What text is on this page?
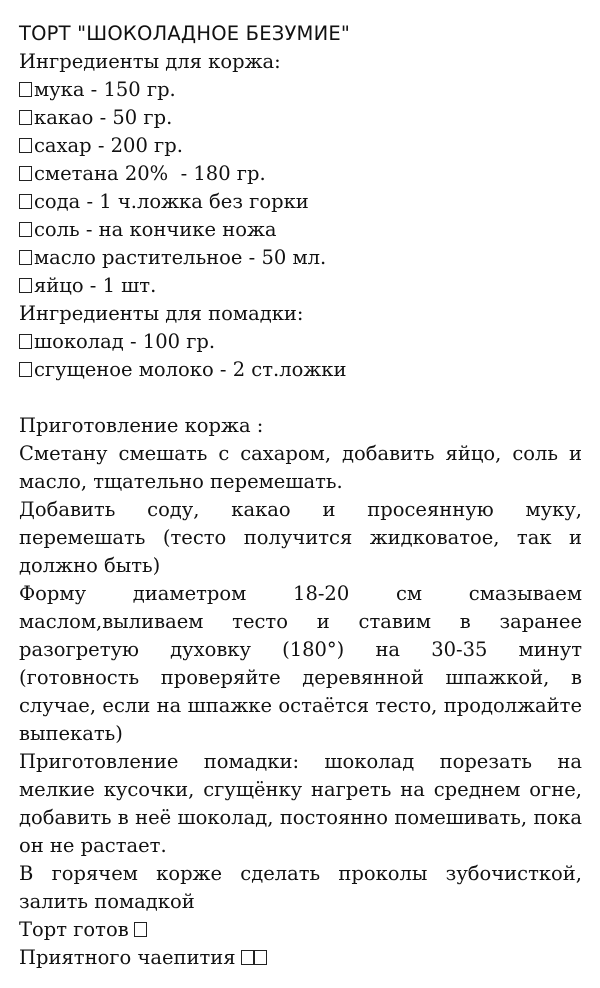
ТОРТ "ШОКОЛАДНОЕ БЕЗУМИЕ"

Ингредиенты для коржа:

мука - 150 гр.
какао - 50 гр.
сахар - 200 гр.
сметана 20%  - 180 гр.
сода - 1 ч.ложка без горки
соль - на кончике ножа
масло растительное - 50 мл.
яйцо - 1 шт.

Ингредиенты для помадки:

шоколад - 100 гр.
сгущеное молоко - 2 ст.ложки

Приготовление коржа :

Сметану смешать с сахаром, добавить яйцо, соль и масло, тщательно перемешать.

Добавить соду, какао и просеянную муку, перемешать (тесто получится жидковатое, так и должно быть)

Форму диаметром 18-20 см смазываем маслом,выливаем тесто и ставим в заранее разогретую духовку (180°) на 30-35 минут (готовность проверяйте деревянной шпажкой, в случае, если на шпажке остаётся тесто, продолжайте выпекать)

Приготовление помадки: шоколад порезать на мелкие кусочки, сгущёнку нагреть на среднем огне, добавить в неё шоколад, постоянно помешивать, пока он не растает.

В горячем корже сделать проколы зубочисткой, залить помадкой

Торт готов

Приятного чаепития
